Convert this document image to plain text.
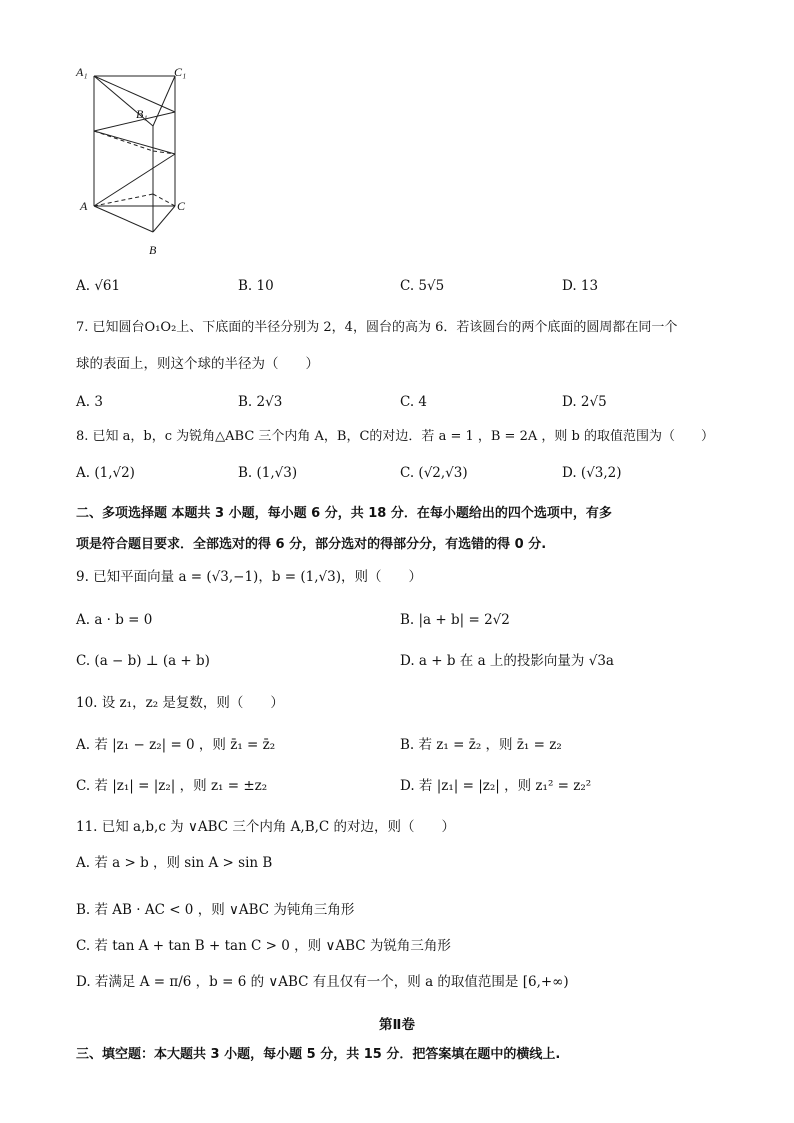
A₁	C₁
B₁
A	C
B
A. √61	B. 10	C. 5√5	D. 13
7. 已知圆台O₁O₂上、下底面的半径分别为 2，4，圆台的高为 6．若该圆台的两个底面的圆周都在同一个
球的表面上，则这个球的半径为（　　）
A. 3	B. 2√3	C. 4	D. 2√5
8. 已知 a，b，c 为锐角△ABC 三个内角 A，B，C的对边．若 a = 1 ，B = 2A ，则 b 的取值范围为（　　）
A. (1,√2)	B. (1,√3)	C. (√2,√3)	D. (√3,2)
二、多项选择题 本题共 3 小题，每小题 6 分，共 18 分．在每小题给出的四个选项中，有多
项是符合题目要求．全部选对的得 6 分，部分选对的得部分分，有选错的得 0 分.
9. 已知平面向量 a = (√3,−1)，b = (1,√3)，则（　　）
A. a · b = 0	B. |a + b| = 2√2
C. (a − b) ⊥ (a + b)	D. a + b 在 a 上的投影向量为 √3a
10. 设 z₁，z₂ 是复数，则（　　）
A. 若 |z₁ − z₂| = 0 ，则 z̄₁ = z̄₂	B. 若 z₁ = z̄₂ ，则 z̄₁ = z₂
C. 若 |z₁| = |z₂| ，则 z₁ = ±z₂	D. 若 |z₁| = |z₂| ，则 z₁² = z₂²
11. 已知 a,b,c 为 ∨ABC 三个内角 A,B,C 的对边，则（　　）
A. 若 a > b ，则 sin A > sin B
B. 若 AB · AC < 0 ，则 ∨ABC 为钝角三角形
C. 若 tan A + tan B + tan C > 0 ，则 ∨ABC 为锐角三角形
D. 若满足 A = π/6 ，b = 6 的 ∨ABC 有且仅有一个，则 a 的取值范围是 [6,+∞)
第Ⅱ卷
三、填空题：本大题共 3 小题，每小题 5 分，共 15 分．把答案填在题中的横线上.
